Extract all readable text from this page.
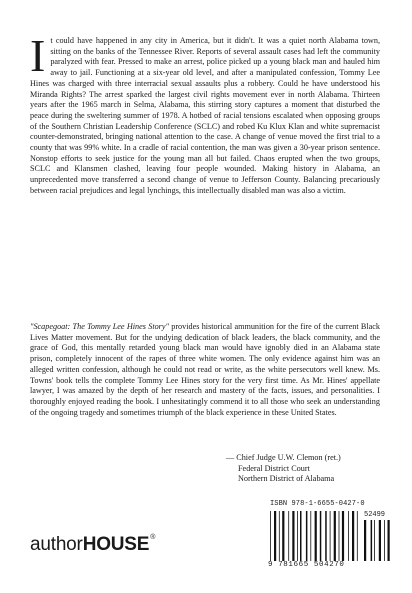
It could have happened in any city in America, but it didn't. It was a quiet north Alabama town, sitting on the banks of the Tennessee River. Reports of several assault cases had left the community paralyzed with fear. Pressed to make an arrest, police picked up a young black man and hauled him away to jail. Functioning at a six-year old level, and after a manipulated confession, Tommy Lee Hines was charged with three interracial sexual assaults plus a robbery. Could he have understood his Miranda Rights? The arrest sparked the largest civil rights movement ever in north Alabama. Thirteen years after the 1965 march in Selma, Alabama, this stirring story captures a moment that disturbed the peace during the sweltering summer of 1978. A hotbed of racial tensions escalated when opposing groups of the Southern Christian Leadership Conference (SCLC) and robed Ku Klux Klan and white supremacist counter-demonstrated, bringing national attention to the case. A change of venue moved the first trial to a county that was 99% white. In a cradle of racial contention, the man was given a 30-year prison sentence. Nonstop efforts to seek justice for the young man all but failed. Chaos erupted when the two groups, SCLC and Klansmen clashed, leaving four people wounded. Making history in Alabama, an unprecedented move transferred a second change of venue to Jefferson County. Balancing precariously between racial prejudices and legal lynchings, this intellectually disabled man was also a victim.

"Scapegoat: The Tommy Lee Hines Story" provides historical ammunition for the fire of the current Black Lives Matter movement. But for the undying dedication of black leaders, the black community, and the grace of God, this mentally retarded young black man would have ignobly died in an Alabama state prison, completely innocent of the rapes of three white women. The only evidence against him was an alleged written confession, although he could not read or write, as the white persecutors well knew. Ms. Towns' book tells the complete Tommy Lee Hines story for the very first time. As Mr. Hines' appellate lawyer, I was amazed by the depth of her research and mastery of the facts, issues, and personalities. I thoroughly enjoyed reading the book. I unhesitatingly commend it to all those who seek an understanding of the ongoing tragedy and sometimes triumph of the black experience in these United States.

— Chief Judge U.W. Clemon (ret.)
Federal District Court
Northern District of Alabama
authorHOUSE®
ISBN 978-1-6655-0427-0
52499
9 781665 504270
